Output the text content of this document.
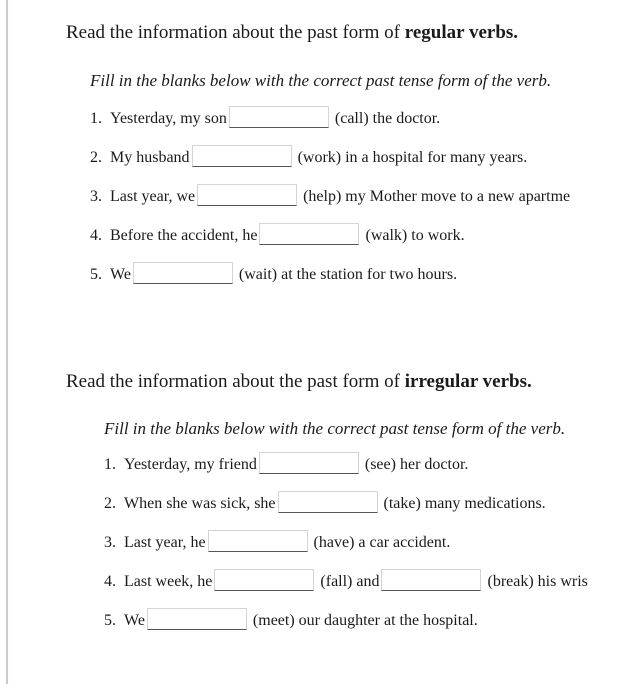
Read the information about the past form of regular verbs.
Fill in the blanks below with the correct past tense form of the verb.
1. Yesterday, my son	(call) the doctor.
2. My husband	(work) in a hospital for many years.
3. Last year, we	(help) my Mother move to a new apartme
4. Before the accident, he	(walk) to work.
5. We	(wait) at the station for two hours.
Read the information about the past form of irregular verbs.
Fill in the blanks below with the correct past tense form of the verb.
1. Yesterday, my friend	(see) her doctor.
2. When she was sick, she	(take) many medications.
3. Last year, he	(have) a car accident.
4. Last week, he	(fall) and	(break) his wris
5. We	(meet) our daughter at the hospital.
